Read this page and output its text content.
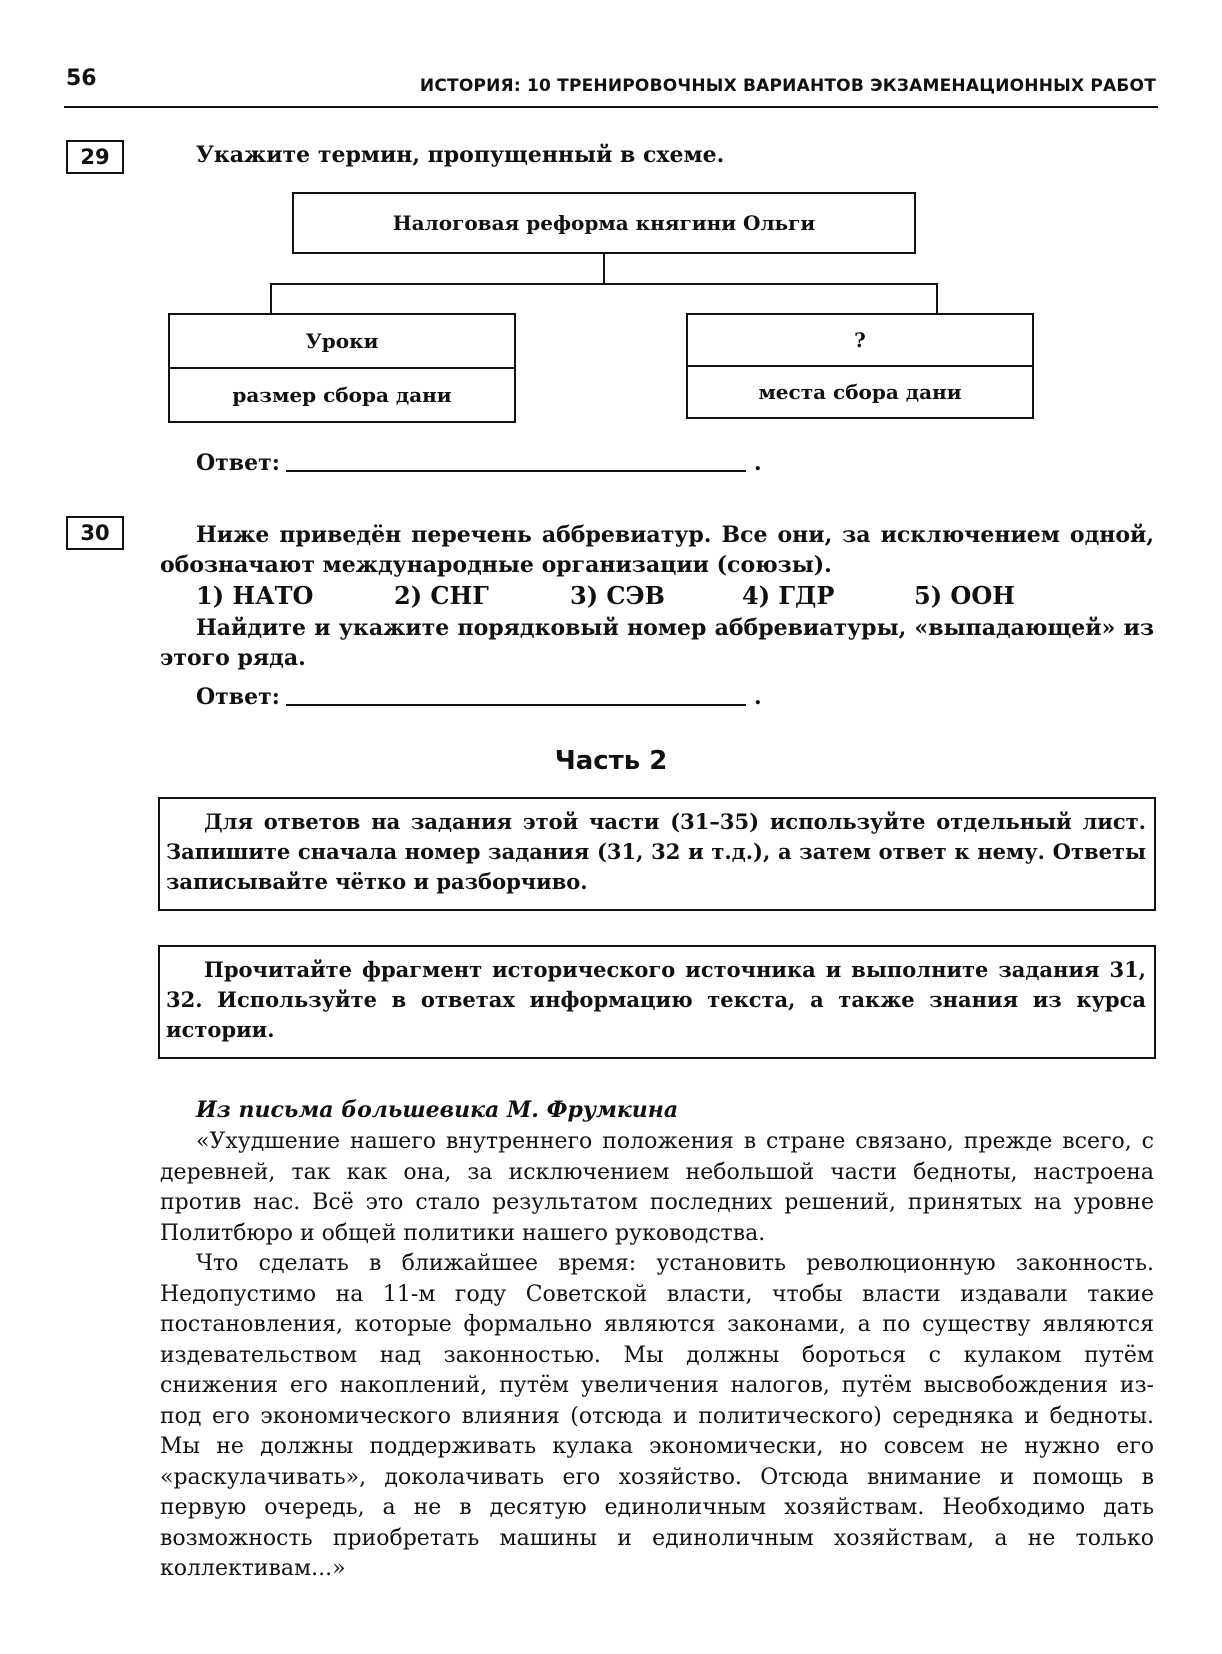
56	ИСТОРИЯ: 10 ТРЕНИРОВОЧНЫХ ВАРИАНТОВ ЭКЗАМЕНАЦИОННЫХ РАБОТ
29	Укажите термин, пропущенный в схеме.
Налоговая реформа княгини Ольги
Уроки
размер сбора дани
?
места сбора дани
Ответ:	.
30	Ниже приведён перечень аббревиатур. Все они, за исключением одной, обозначают международные организации (союзы).
1) НАТО	2) СНГ	3) СЭВ	4) ГДР	5) ООН
Найдите и укажите порядковый номер аббревиатуры, «выпадающей» из этого ряда.
Ответ:	.
Часть 2

Для ответов на задания этой части (31–35) используйте отдельный лист. Запишите сначала номер задания (31, 32 и т.д.), а затем ответ к нему. Ответы записывайте чётко и разборчиво.

Прочитайте фрагмент исторического источника и выполните задания 31, 32. Используйте в ответах информацию текста, а также знания из курса истории.

Из письма большевика М. Фрумкина

«Ухудшение нашего внутреннего положения в стране связано, прежде всего, с деревней, так как она, за исключением небольшой части бедноты, настроена против нас. Всё это стало результатом последних решений, принятых на уровне Политбюро и общей политики нашего руководства.

Что сделать в ближайшее время: установить революционную законность. Недопустимо на 11-м году Советской власти, чтобы власти издавали такие постановления, которые формально являются законами, а по существу являются издевательством над законностью. Мы должны бороться с кулаком путём снижения его накоплений, путём увеличения налогов, путём высвобождения из-под его экономического влияния (отсюда и политического) середняка и бедноты. Мы не должны поддерживать кулака экономически, но совсем не нужно его «раскулачивать», доколачивать его хозяйство. Отсюда внимание и помощь в первую очередь, а не в десятую единоличным хозяйствам. Необходимо дать возможность приобретать машины и единоличным хозяйствам, а не только коллективам...»
